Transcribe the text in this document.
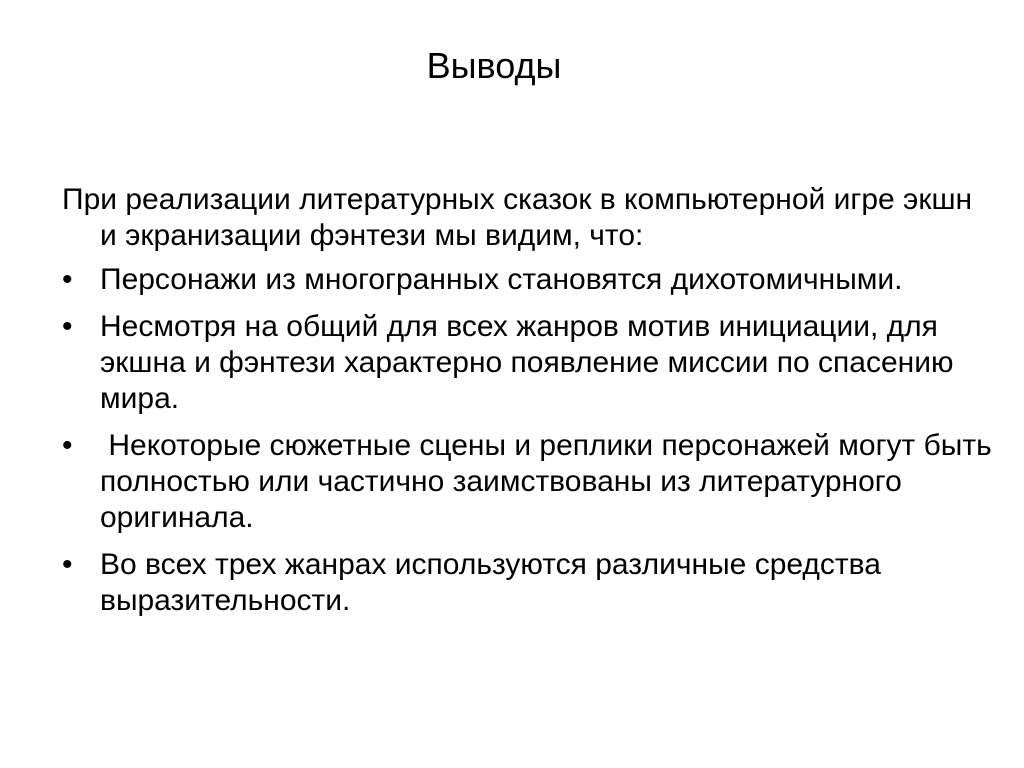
Выводы

При реализации литературных сказок в компьютерной игре экшн и экранизации фэнтези мы видим, что:

• Персонажи из многогранных становятся дихотомичными.
• Несмотря на общий для всех жанров мотив инициации, для экшна и фэнтези характерно появление миссии по спасению мира.
• Некоторые сюжетные сцены и реплики персонажей могут быть полностью или частично заимствованы из литературного оригинала.
• Во всех трех жанрах используются различные средства выразительности.
